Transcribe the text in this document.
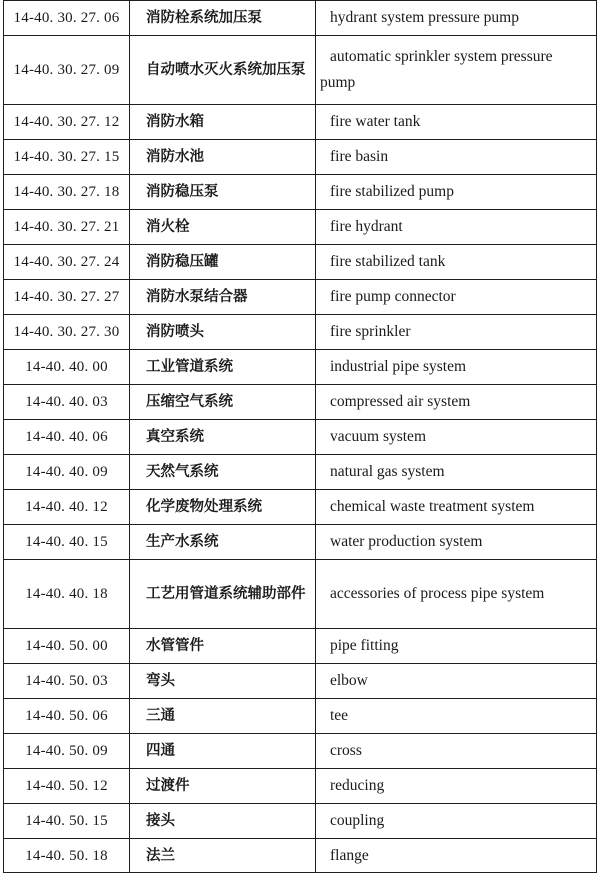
14-40. 30. 27. 06	消防栓系统加压泵	hydrant system pressure pump
14-40. 30. 27. 09	自动喷水灭火系统加压泵	automatic sprinkler system pressure pump
14-40. 30. 27. 12	消防水箱	fire water tank
14-40. 30. 27. 15	消防水池	fire basin
14-40. 30. 27. 18	消防稳压泵	fire stabilized pump
14-40. 30. 27. 21	消火栓	fire hydrant
14-40. 30. 27. 24	消防稳压罐	fire stabilized tank
14-40. 30. 27. 27	消防水泵结合器	fire pump connector
14-40. 30. 27. 30	消防喷头	fire sprinkler
14-40. 40. 00	工业管道系统	industrial pipe system
14-40. 40. 03	压缩空气系统	compressed air system
14-40. 40. 06	真空系统	vacuum system
14-40. 40. 09	天然气系统	natural gas system
14-40. 40. 12	化学废物处理系统	chemical waste treatment system
14-40. 40. 15	生产水系统	water production system
14-40. 40. 18	工艺用管道系统辅助部件	accessories of process pipe system
14-40. 50. 00	水管管件	pipe fitting
14-40. 50. 03	弯头	elbow
14-40. 50. 06	三通	tee
14-40. 50. 09	四通	cross
14-40. 50. 12	过渡件	reducing
14-40. 50. 15	接头	coupling
14-40. 50. 18	法兰	flange
